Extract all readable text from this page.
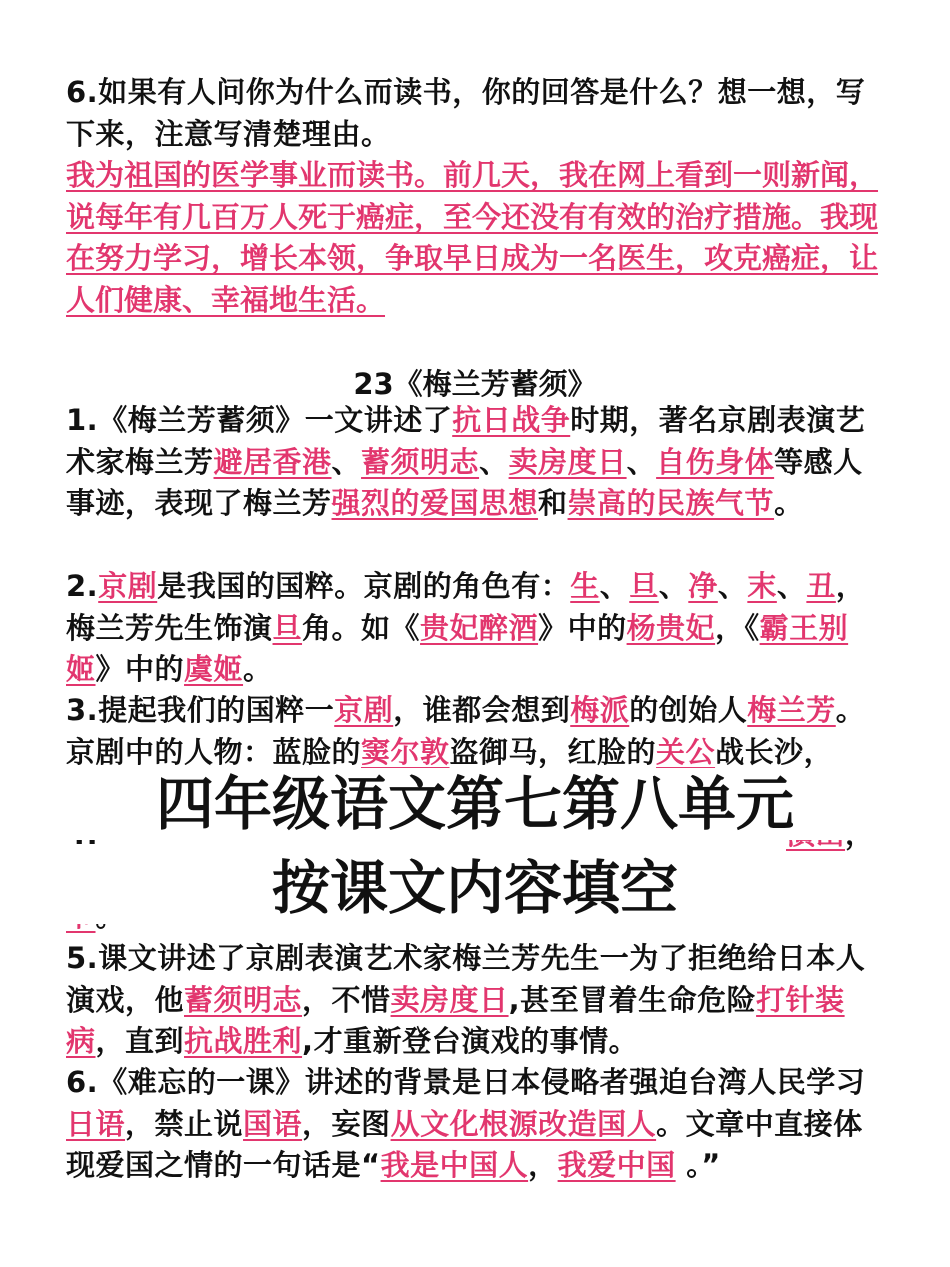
6.如果有人问你为什么而读书，你的回答是什么？想一想，写下来，注意写清楚理由。
我为祖国的医学事业而读书。前几天，我在网上看到一则新闻，说每年有几百万人死于癌症，至今还没有有效的治疗措施。我现在努力学习，增长本领，争取早日成为一名医生，攻克癌症，让人们健康、幸福地生活。
23《梅兰芳蓄须》
1.《梅兰芳蓄须》一文讲述了抗日战争时期，著名京剧表演艺术家梅兰芳避居香港、蓄须明志、卖房度日、自伤身体等感人事迹，表现了梅兰芳强烈的爱国思想和崇高的民族气节。
2.京剧是我国的国粹。京剧的角色有：生、旦、净、末、丑，梅兰芳先生饰演旦角。如《贵妃醉酒》中的杨贵妃，《霸王别姬》中的虞姬。
3.提起我们的国粹一京剧，谁都会想到梅派的创始人梅兰芳。京剧中的人物：蓝脸的窦尔敦盗御马，红脸的关公战长沙，
5.课文讲述了京剧表演艺术家梅兰芳先生一为了拒绝给日本人演戏，他蓄须明志，不惜卖房度日,甚至冒着生命危险打针装病，直到抗战胜利,才重新登台演戏的事情。
6.《难忘的一课》讲述的背景是日本侵略者强迫台湾人民学习日语，禁止说国语，妄图从文化根源改造国人。文章中直接体现爱国之情的一句话是“我是中国人，我爱中国 。”
四年级语文第七第八单元
按课文内容填空
